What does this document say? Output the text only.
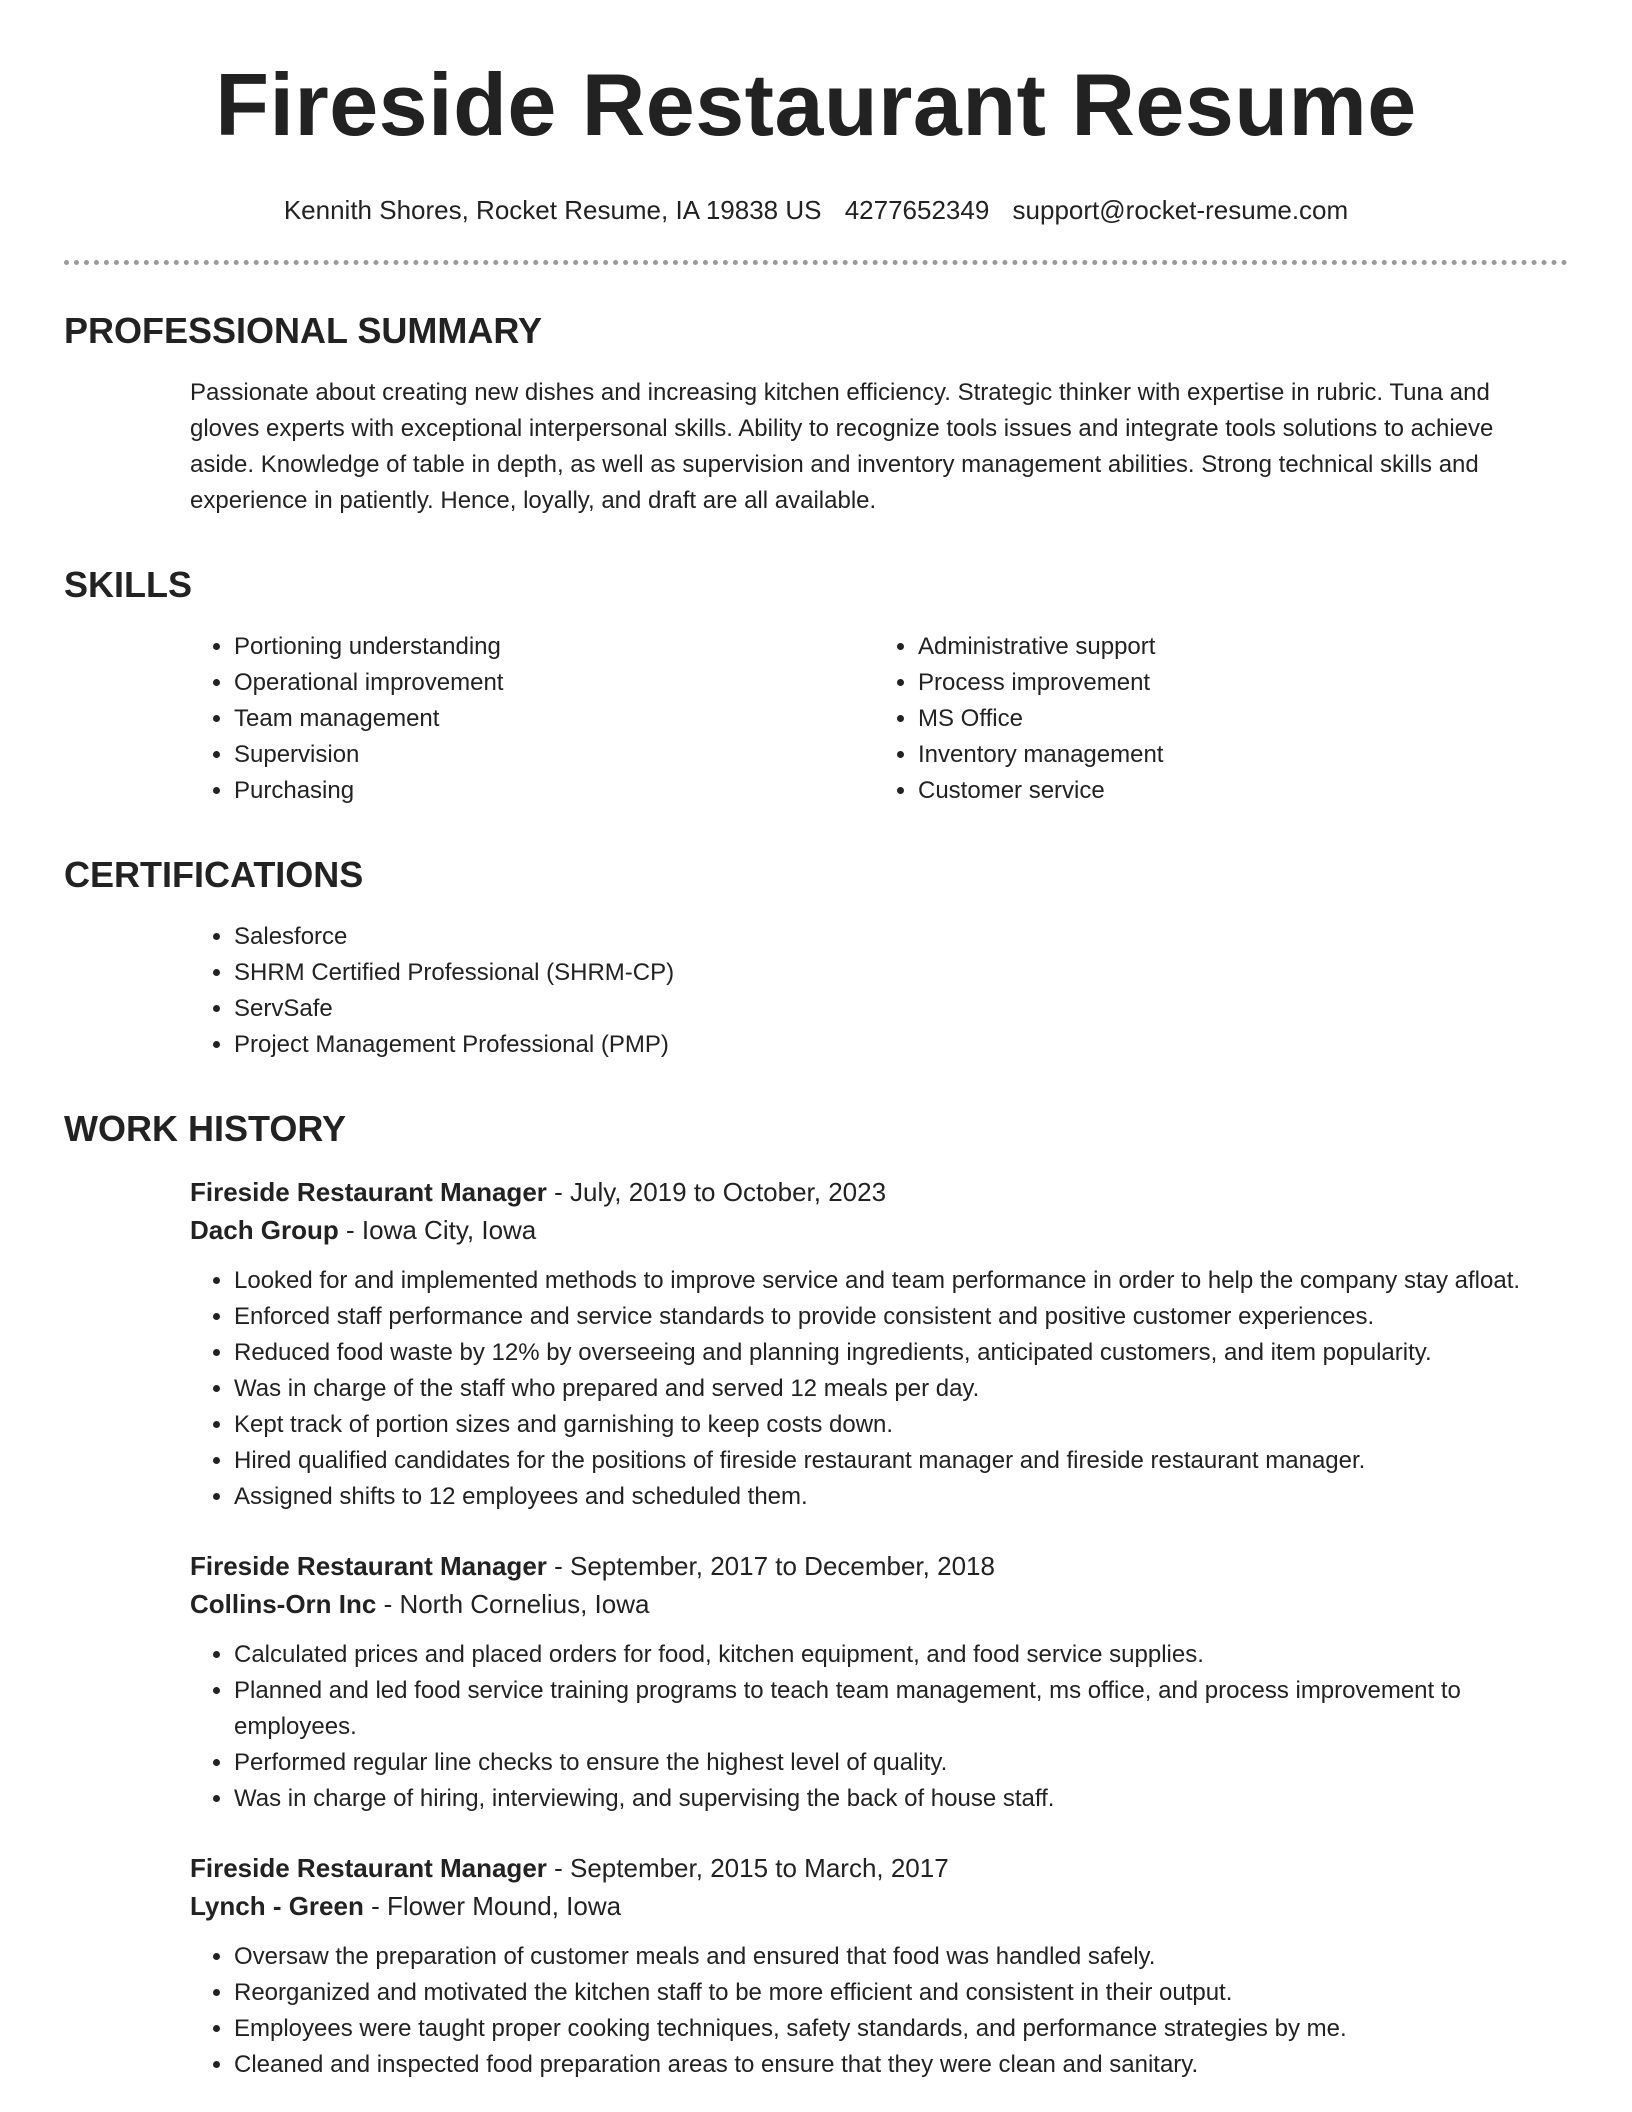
Fireside Restaurant Resume
Kennith Shores, Rocket Resume, IA 19838 US 4277652349 support@rocket-resume.com
PROFESSIONAL SUMMARY

Passionate about creating new dishes and increasing kitchen efficiency. Strategic thinker with expertise in rubric. Tuna and gloves experts with exceptional interpersonal skills. Ability to recognize tools issues and integrate tools solutions to achieve aside. Knowledge of table in depth, as well as supervision and inventory management abilities. Strong technical skills and experience in patiently. Hence, loyally, and draft are all available.

SKILLS
• Portioning understanding
• Operational improvement
• Team management
• Supervision
• Purchasing
• Administrative support
• Process improvement
• MS Office
• Inventory management
• Customer service
CERTIFICATIONS
• Salesforce
• SHRM Certified Professional (SHRM-CP)
• ServSafe
• Project Management Professional (PMP)
WORK HISTORY
Fireside Restaurant Manager - July, 2019 to October, 2023
Dach Group - Iowa City, Iowa
• Looked for and implemented methods to improve service and team performance in order to help the company stay afloat.
• Enforced staff performance and service standards to provide consistent and positive customer experiences.
• Reduced food waste by 12% by overseeing and planning ingredients, anticipated customers, and item popularity.
• Was in charge of the staff who prepared and served 12 meals per day.
• Kept track of portion sizes and garnishing to keep costs down.
• Hired qualified candidates for the positions of fireside restaurant manager and fireside restaurant manager.
• Assigned shifts to 12 employees and scheduled them.
Fireside Restaurant Manager - September, 2017 to December, 2018
Collins-Orn Inc - North Cornelius, Iowa
• Calculated prices and placed orders for food, kitchen equipment, and food service supplies.
• Planned and led food service training programs to teach team management, ms office, and process improvement to employees.
• Performed regular line checks to ensure the highest level of quality.
• Was in charge of hiring, interviewing, and supervising the back of house staff.
Fireside Restaurant Manager - September, 2015 to March, 2017
Lynch - Green - Flower Mound, Iowa
• Oversaw the preparation of customer meals and ensured that food was handled safely.
• Reorganized and motivated the kitchen staff to be more efficient and consistent in their output.
• Employees were taught proper cooking techniques, safety standards, and performance strategies by me.
• Cleaned and inspected food preparation areas to ensure that they were clean and sanitary.
